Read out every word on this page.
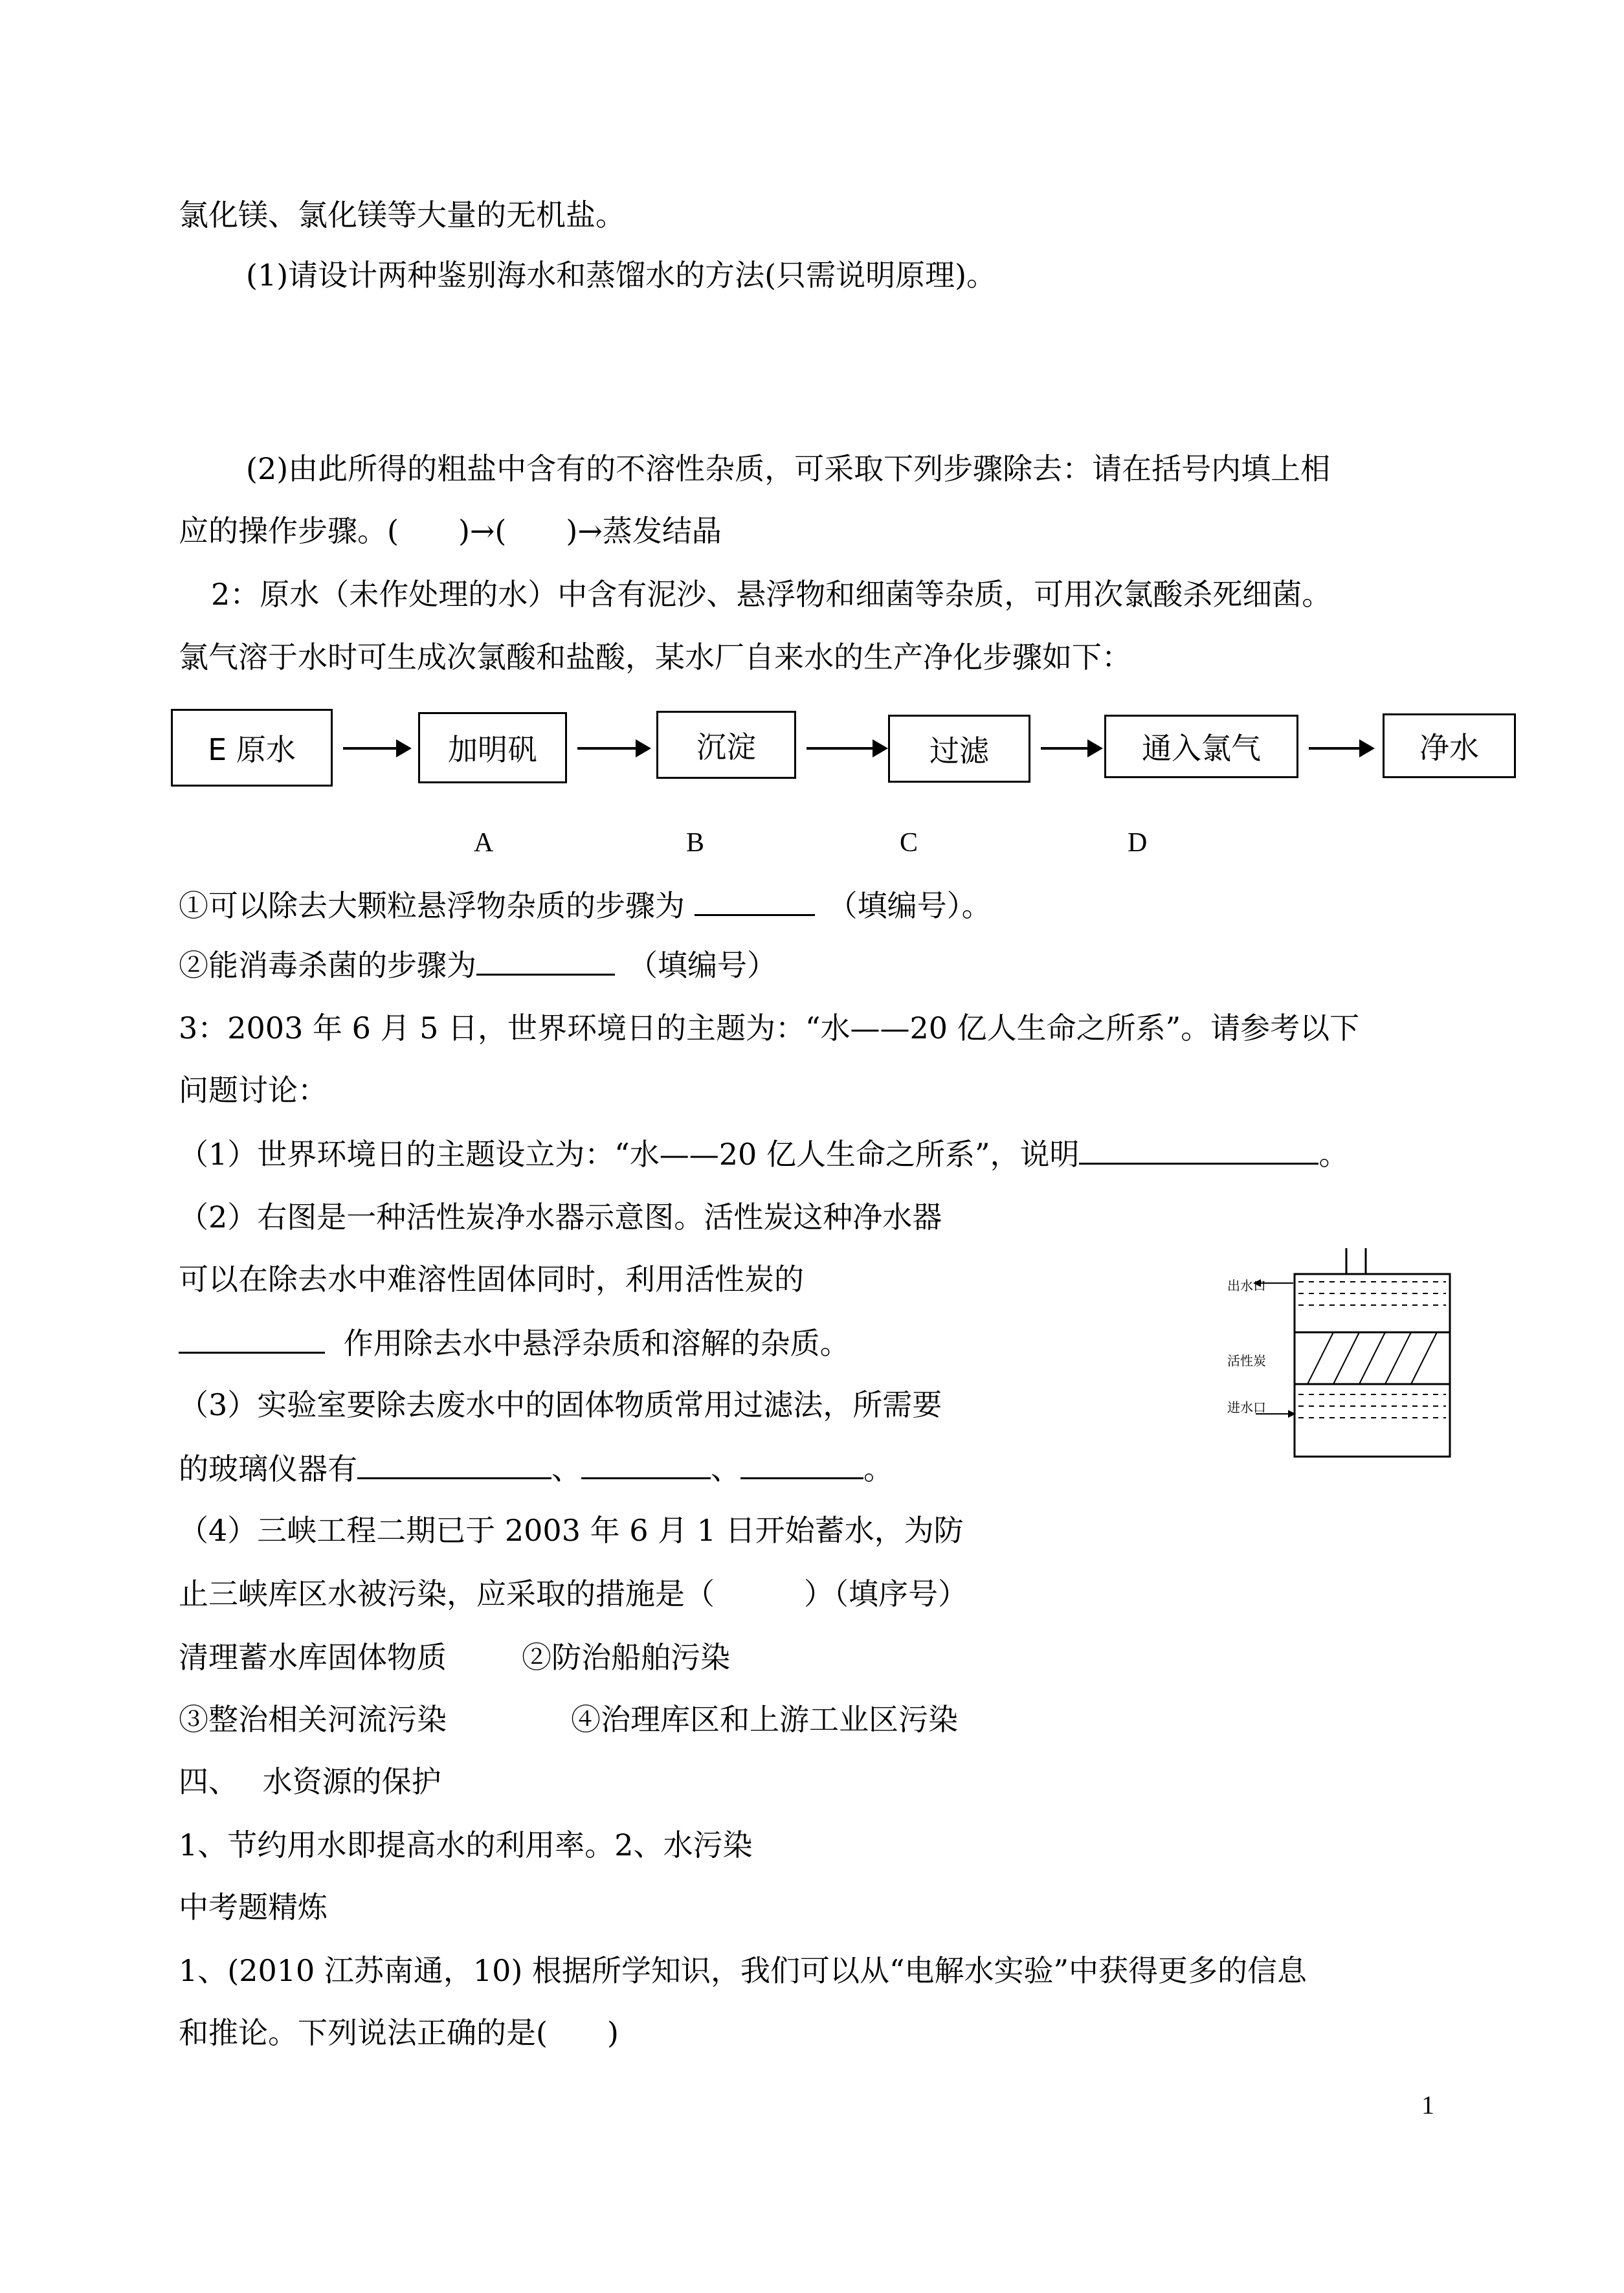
氯化镁、氯化镁等大量的无机盐。
(1)请设计两种鉴别海水和蒸馏水的方法(只需说明原理)。
(2)由此所得的粗盐中含有的不溶性杂质，可采取下列步骤除去：请在括号内填上相
应的操作步骤。(　　)→(　　)→蒸发结晶
2：原水（未作处理的水）中含有泥沙、悬浮物和细菌等杂质，可用次氯酸杀死细菌。
氯气溶于水时可生成次氯酸和盐酸，某水厂自来水的生产净化步骤如下：
E 原水	加明矾	沉淀	过滤	通入氯气	净水
A	B	C	D
①可以除去大颗粒悬浮物杂质的步骤为	（填编号）。
②能消毒杀菌的步骤为	（填编号）
3：2003 年 6 月 5 日，世界环境日的主题为：“水——20 亿人生命之所系”。请参考以下
问题讨论：
（1）世界环境日的主题设立为：“水——20 亿人生命之所系”，说明	。
（2）右图是一种活性炭净水器示意图。活性炭这种净水器
可以在除去水中难溶性固体同时，利用活性炭的
作用除去水中悬浮杂质和溶解的杂质。
（3）实验室要除去废水中的固体物质常用过滤法，所需要
的玻璃仪器有	、	、	。
（4）三峡工程二期已于 2003 年 6 月 1 日开始蓄水，为防
止三峡库区水被污染，应采取的措施是（　　　）（填序号）
清理蓄水库固体物质	②防治船舶污染
③整治相关河流污染	④治理库区和上游工业区污染
出水口
活性炭
进水口
四、　 水资源的保护
1、节约用水即提高水的利用率。2、水污染
中考题精炼
1、(2010 江苏南通，10) 根据所学知识，我们可以从“电解水实验”中获得更多的信息
和推论。下列说法正确的是(　　)
1
